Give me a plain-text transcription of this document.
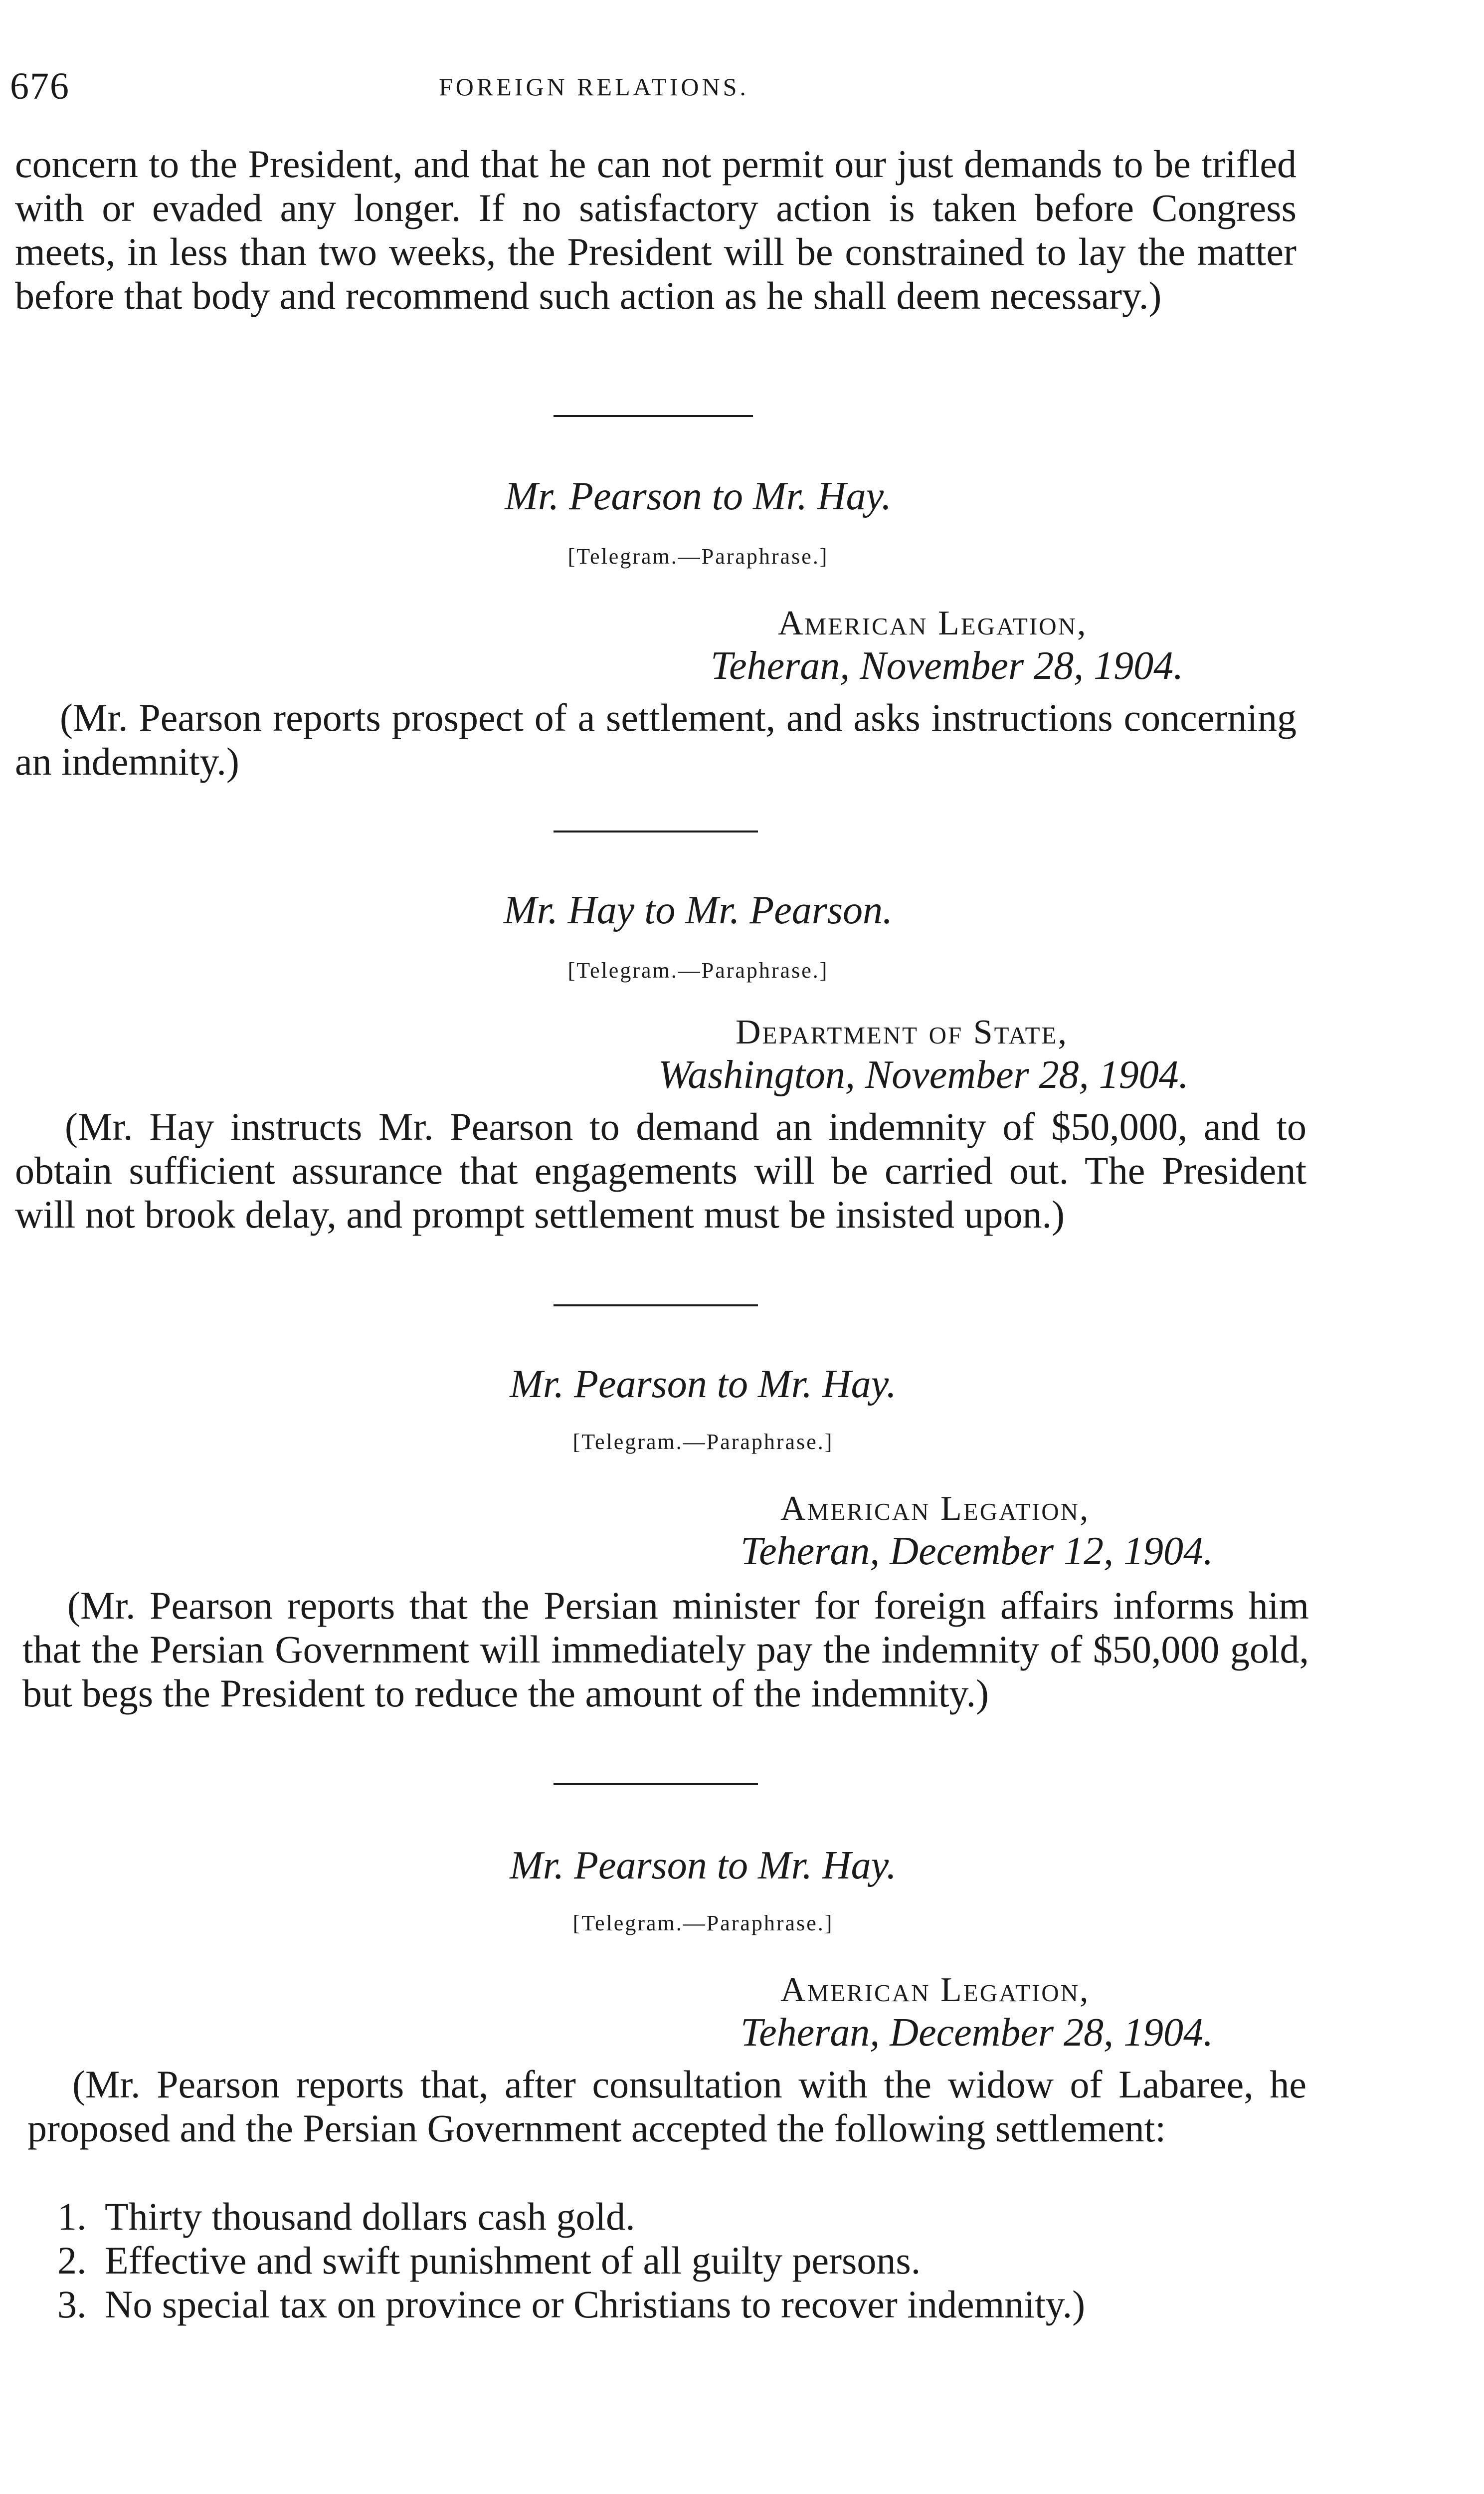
676	FOREIGN RELATIONS.

concern to the President, and that he can not permit our just demands to be trifled with or evaded any longer. If no satisfactory action is taken before Congress meets, in less than two weeks, the President will be constrained to lay the matter before that body and recommend such action as he shall deem necessary.)

Mr. Pearson to Mr. Hay.
[Telegram.—Paraphrase.]
American Legation,
Teheran, November 28, 1904.

(Mr. Pearson reports prospect of a settlement, and asks instructions concerning an indemnity.)

Mr. Hay to Mr. Pearson.
[Telegram.—Paraphrase.]
Department of State,
Washington, November 28, 1904.

(Mr. Hay instructs Mr. Pearson to demand an indemnity of $50,000, and to obtain sufficient assurance that engagements will be carried out. The President will not brook delay, and prompt settlement must be insisted upon.)

Mr. Pearson to Mr. Hay.
[Telegram.—Paraphrase.]
American Legation,
Teheran, December 12, 1904.

(Mr. Pearson reports that the Persian minister for foreign affairs informs him that the Persian Government will immediately pay the indemnity of $50,000 gold, but begs the President to reduce the amount of the indemnity.)

Mr. Pearson to Mr. Hay.
[Telegram.—Paraphrase.]
American Legation,
Teheran, December 28, 1904.

(Mr. Pearson reports that, after consultation with the widow of Labaree, he proposed and the Persian Government accepted the following settlement:

1. Thirty thousand dollars cash gold.
2. Effective and swift punishment of all guilty persons.
3. No special tax on province or Christians to recover indemnity.)
